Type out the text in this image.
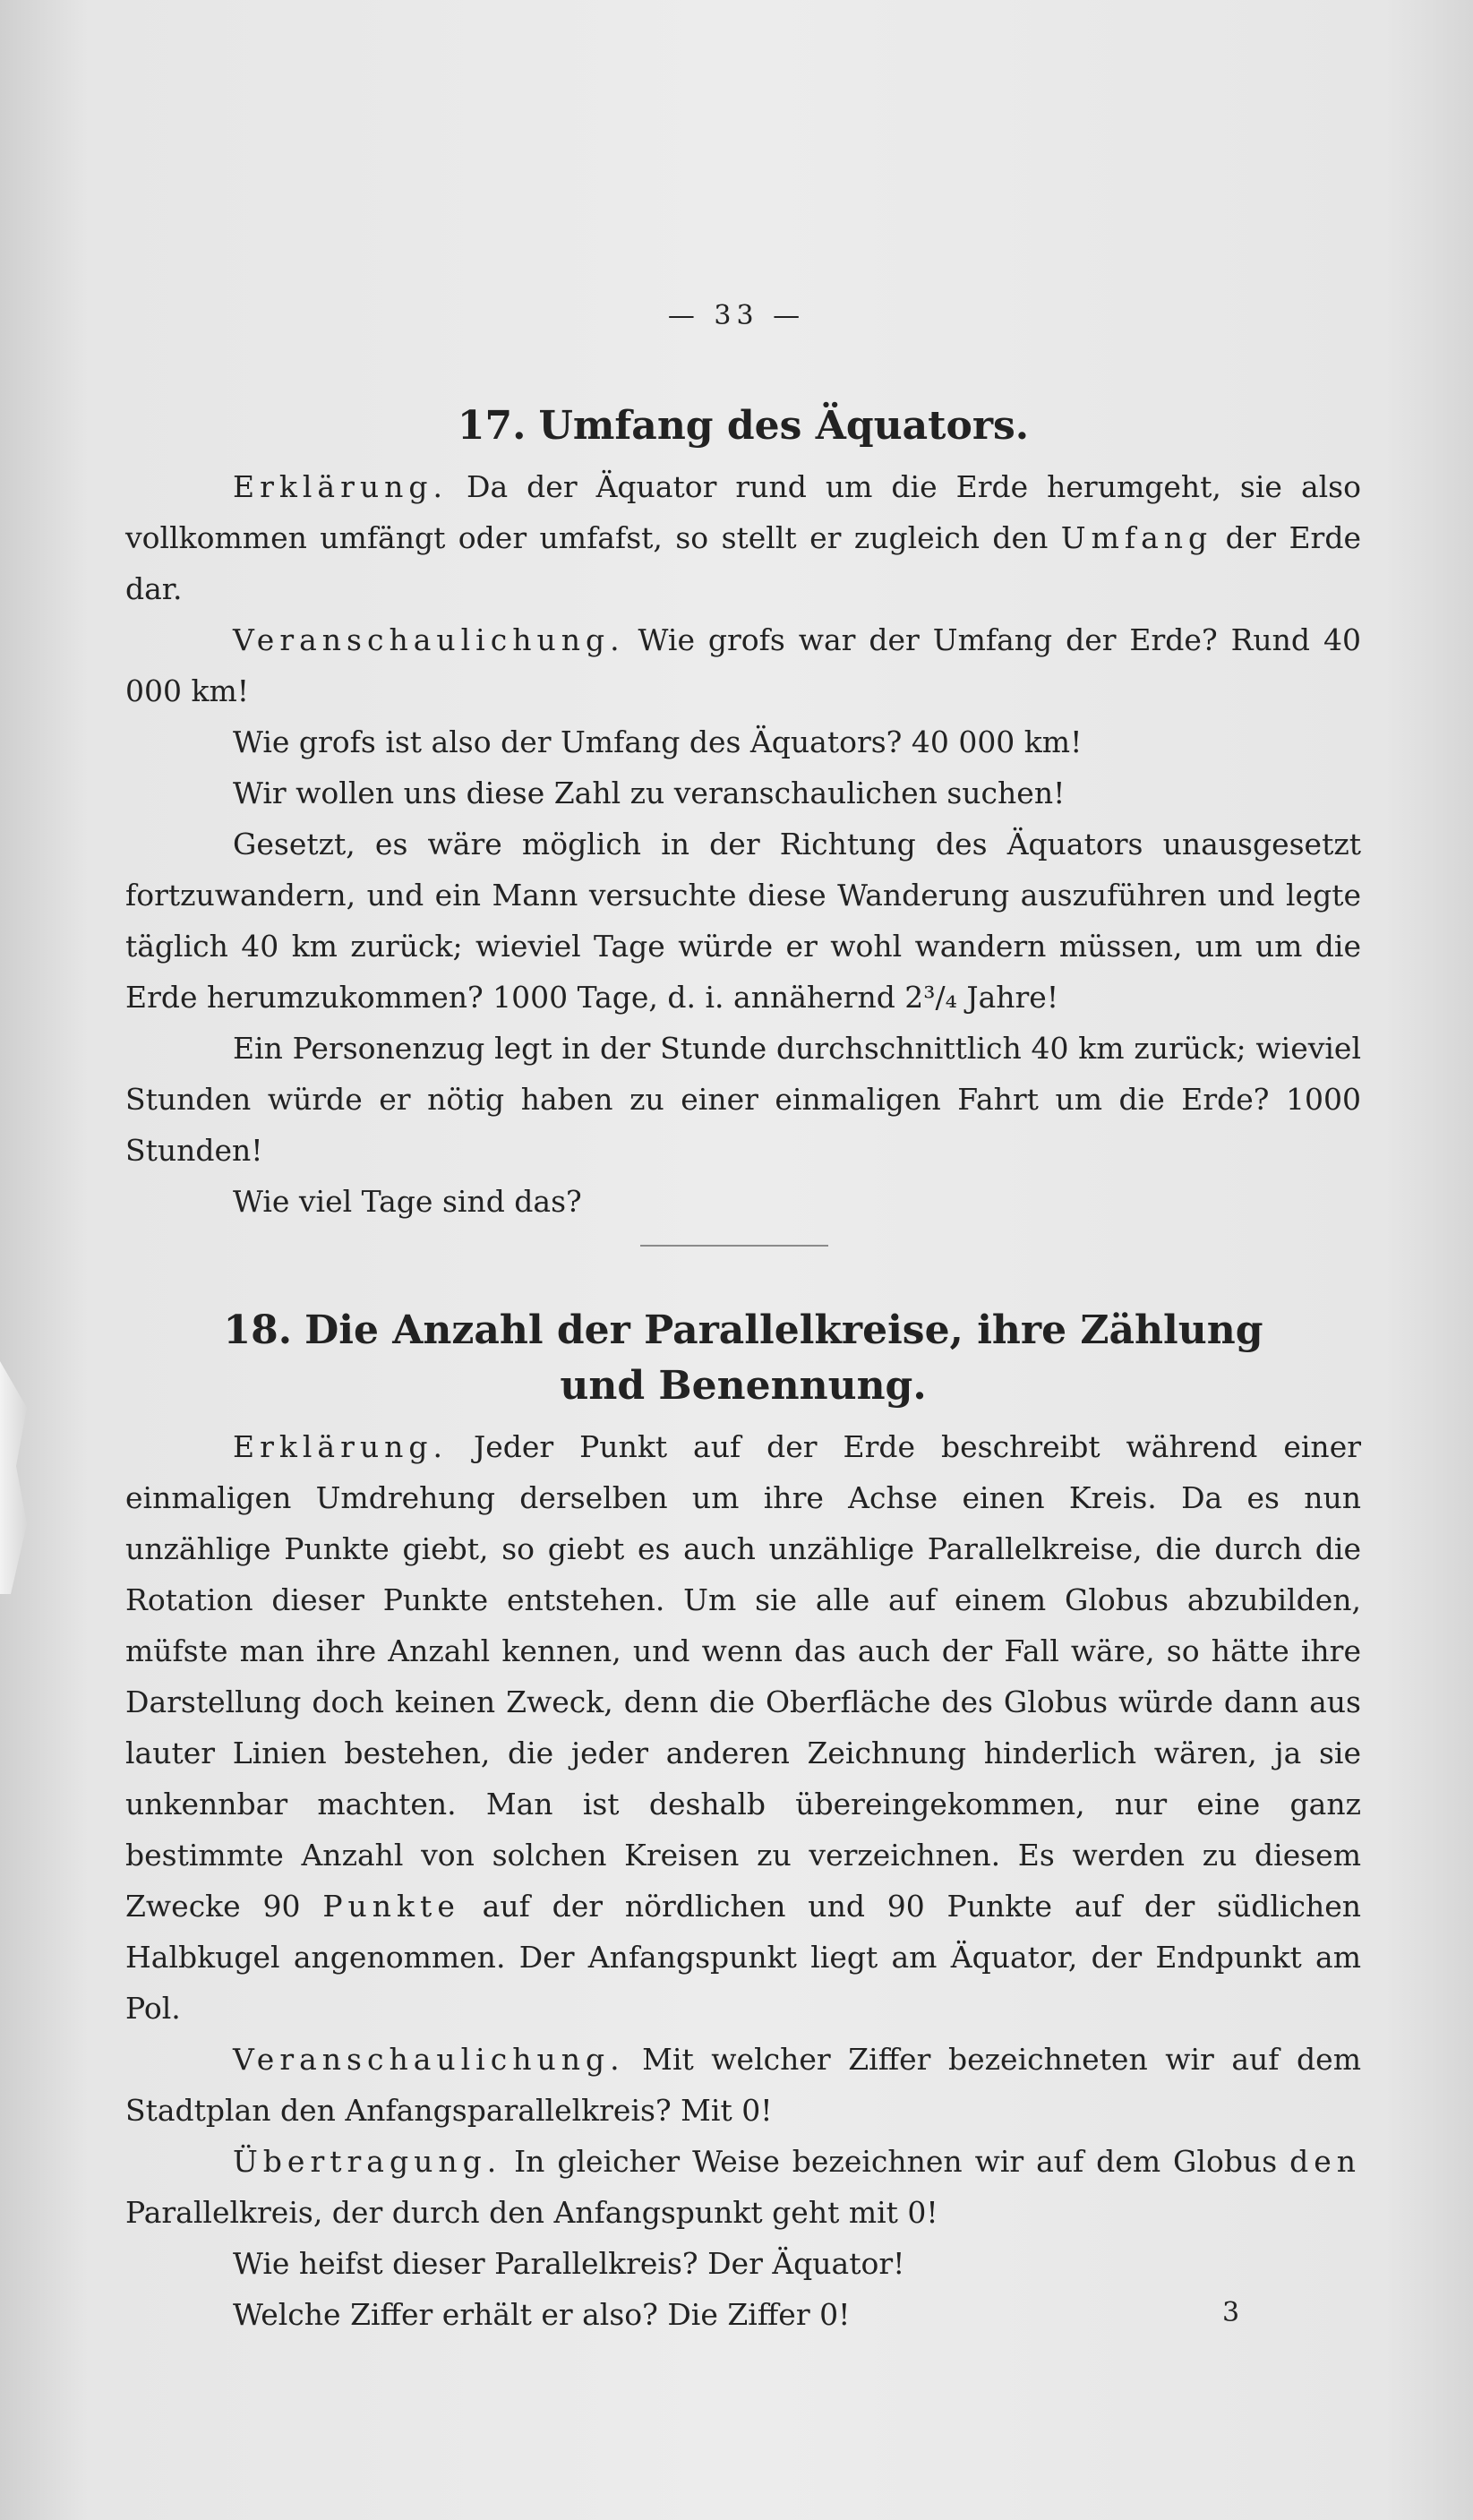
— 33 —
17. Umfang des Äquators.

Erklärung. Da der Äquator rund um die Erde herumgeht, sie also vollkommen umfängt oder umfafst, so stellt er zugleich den Umfang der Erde dar.

Veranschaulichung. Wie grofs war der Umfang der Erde? Rund 40 000 km!

Wie grofs ist also der Umfang des Äquators? 40 000 km!

Wir wollen uns diese Zahl zu veranschaulichen suchen!

Gesetzt, es wäre möglich in der Richtung des Äquators unausgesetzt fortzuwandern, und ein Mann versuchte diese Wanderung auszuführen und legte täglich 40 km zurück; wieviel Tage würde er wohl wandern müssen, um um die Erde herumzukommen? 1000 Tage, d. i. annähernd 2³/₄ Jahre!

Ein Personenzug legt in der Stunde durchschnittlich 40 km zurück; wieviel Stunden würde er nötig haben zu einer einmaligen Fahrt um die Erde? 1000 Stunden!

Wie viel Tage sind das?

18. Die Anzahl der Parallelkreise, ihre Zählung
und Benennung.

Erklärung. Jeder Punkt auf der Erde beschreibt während einer einmaligen Umdrehung derselben um ihre Achse einen Kreis. Da es nun unzählige Punkte giebt, so giebt es auch unzählige Parallelkreise, die durch die Rotation dieser Punkte entstehen. Um sie alle auf einem Globus abzubilden, müfste man ihre Anzahl kennen, und wenn das auch der Fall wäre, so hätte ihre Darstellung doch keinen Zweck, denn die Oberfläche des Globus würde dann aus lauter Linien bestehen, die jeder anderen Zeichnung hinderlich wären, ja sie unkennbar machten. Man ist deshalb übereingekommen, nur eine ganz bestimmte Anzahl von solchen Kreisen zu verzeichnen. Es werden zu diesem Zwecke 90 Punkte auf der nördlichen und 90 Punkte auf der südlichen Halbkugel angenommen. Der Anfangspunkt liegt am Äquator, der Endpunkt am Pol.

Veranschaulichung. Mit welcher Ziffer bezeichneten wir auf dem Stadtplan den Anfangsparallelkreis? Mit 0!

Übertragung. In gleicher Weise bezeichnen wir auf dem Globus den Parallelkreis, der durch den Anfangspunkt geht mit 0!

Wie heifst dieser Parallelkreis? Der Äquator!

Welche Ziffer erhält er also? Die Ziffer 0!	3
